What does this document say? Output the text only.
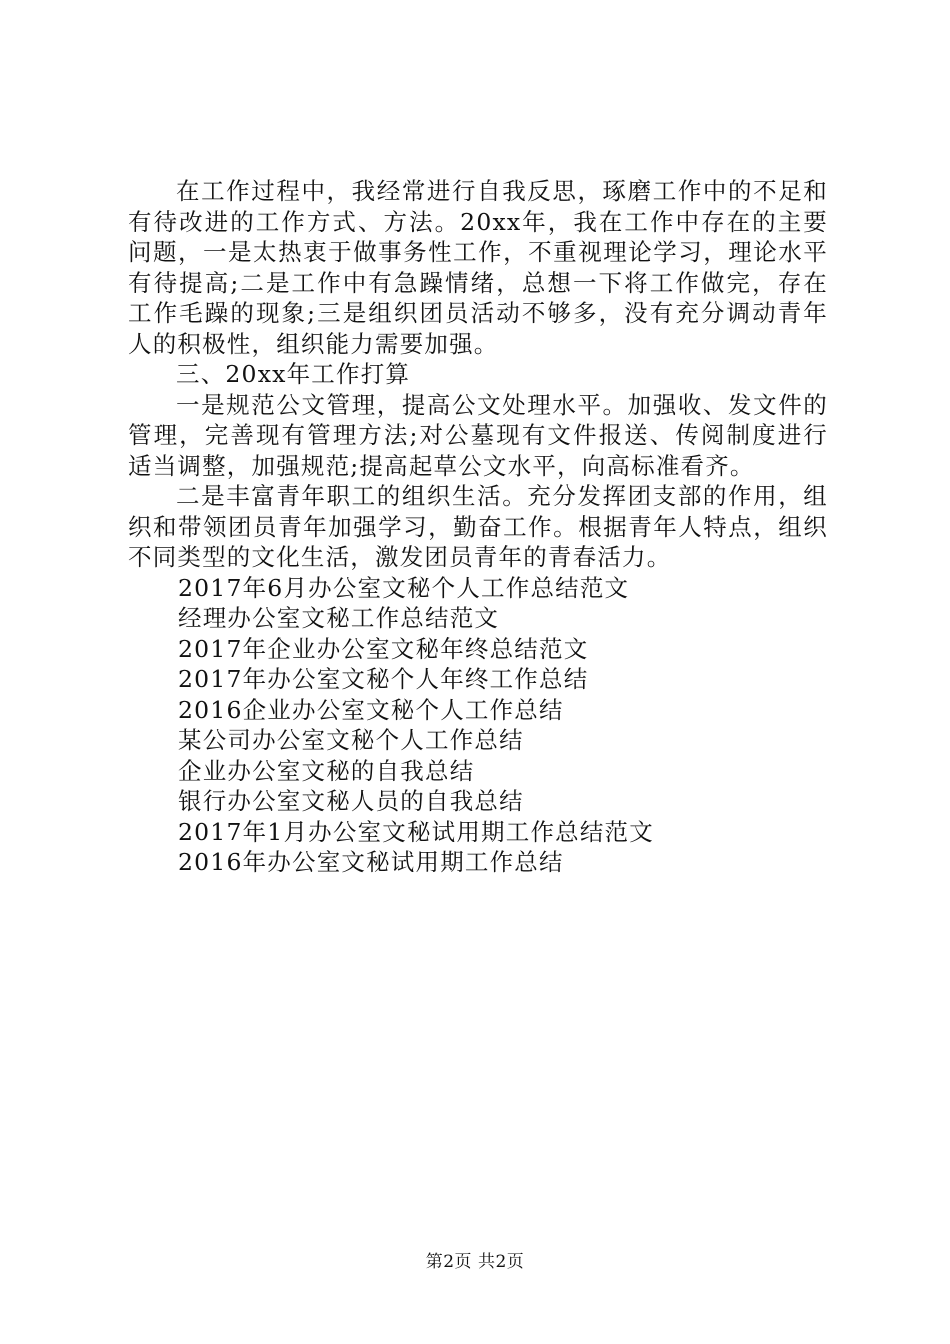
在工作过程中，我经常进行自我反思，琢磨工作中的不足和有待改进的工作方式、方法。20xx年，我在工作中存在的主要问题，一是太热衷于做事务性工作，不重视理论学习，理论水平有待提高;二是工作中有急躁情绪，总想一下将工作做完，存在工作毛躁的现象;三是组织团员活动不够多，没有充分调动青年人的积极性，组织能力需要加强。

三、20xx年工作打算

一是规范公文管理，提高公文处理水平。加强收、发文件的管理，完善现有管理方法;对公墓现有文件报送、传阅制度进行适当调整，加强规范;提高起草公文水平，向高标准看齐。

二是丰富青年职工的组织生活。充分发挥团支部的作用，组织和带领团员青年加强学习，勤奋工作。根据青年人特点，组织不同类型的文化生活，激发团员青年的青春活力。

2017年6月办公室文秘个人工作总结范文
经理办公室文秘工作总结范文
2017年企业办公室文秘年终总结范文
2017年办公室文秘个人年终工作总结
2016企业办公室文秘个人工作总结
某公司办公室文秘个人工作总结
企业办公室文秘的自我总结
银行办公室文秘人员的自我总结
2017年1月办公室文秘试用期工作总结范文
2016年办公室文秘试用期工作总结
第2页 共2页
